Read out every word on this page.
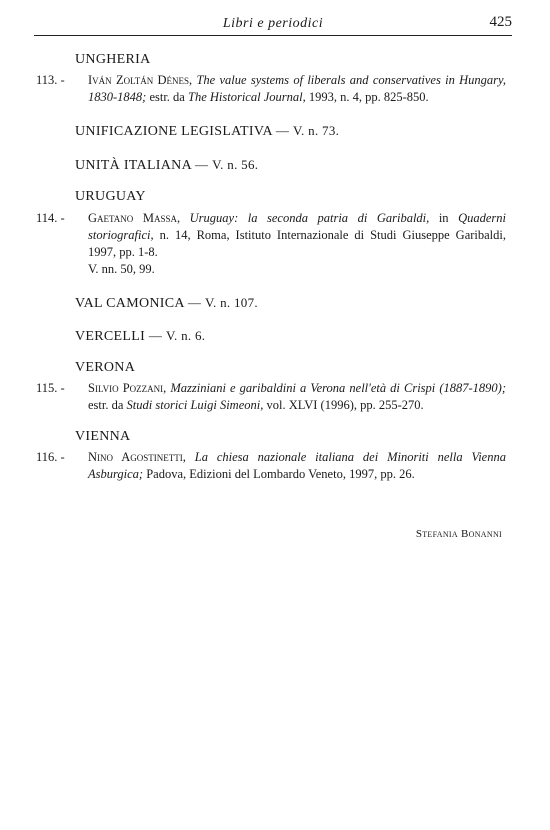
Libri e periodici	425
UNGHERIA
113. -	Iván Zoltán Dénes, The value systems of liberals and conservatives in Hungary, 1830-1848; estr. da The Historical Journal, 1993, n. 4, pp. 825-850.
UNIFICAZIONE LEGISLATIVA — V. n. 73.
UNITÀ ITALIANA — V. n. 56.
URUGUAY
114. -	Gaetano Massa, Uruguay: la seconda patria di Garibaldi, in Quaderni storiografici, n. 14, Roma, Istituto Internazionale di Studi Giuseppe Garibaldi, 1997, pp. 1-8.
V. nn. 50, 99.
VAL CAMONICA — V. n. 107.
VERCELLI — V. n. 6.
VERONA
115. -	Silvio Pozzani, Mazziniani e garibaldini a Verona nell'età di Crispi (1887-1890); estr. da Studi storici Luigi Simeoni, vol. XLVI (1996), pp. 255-270.
VIENNA
116. -	Nino Agostinetti, La chiesa nazionale italiana dei Minoriti nella Vienna Asburgica; Padova, Edizioni del Lombardo Veneto, 1997, pp. 26.
Stefania Bonanni
